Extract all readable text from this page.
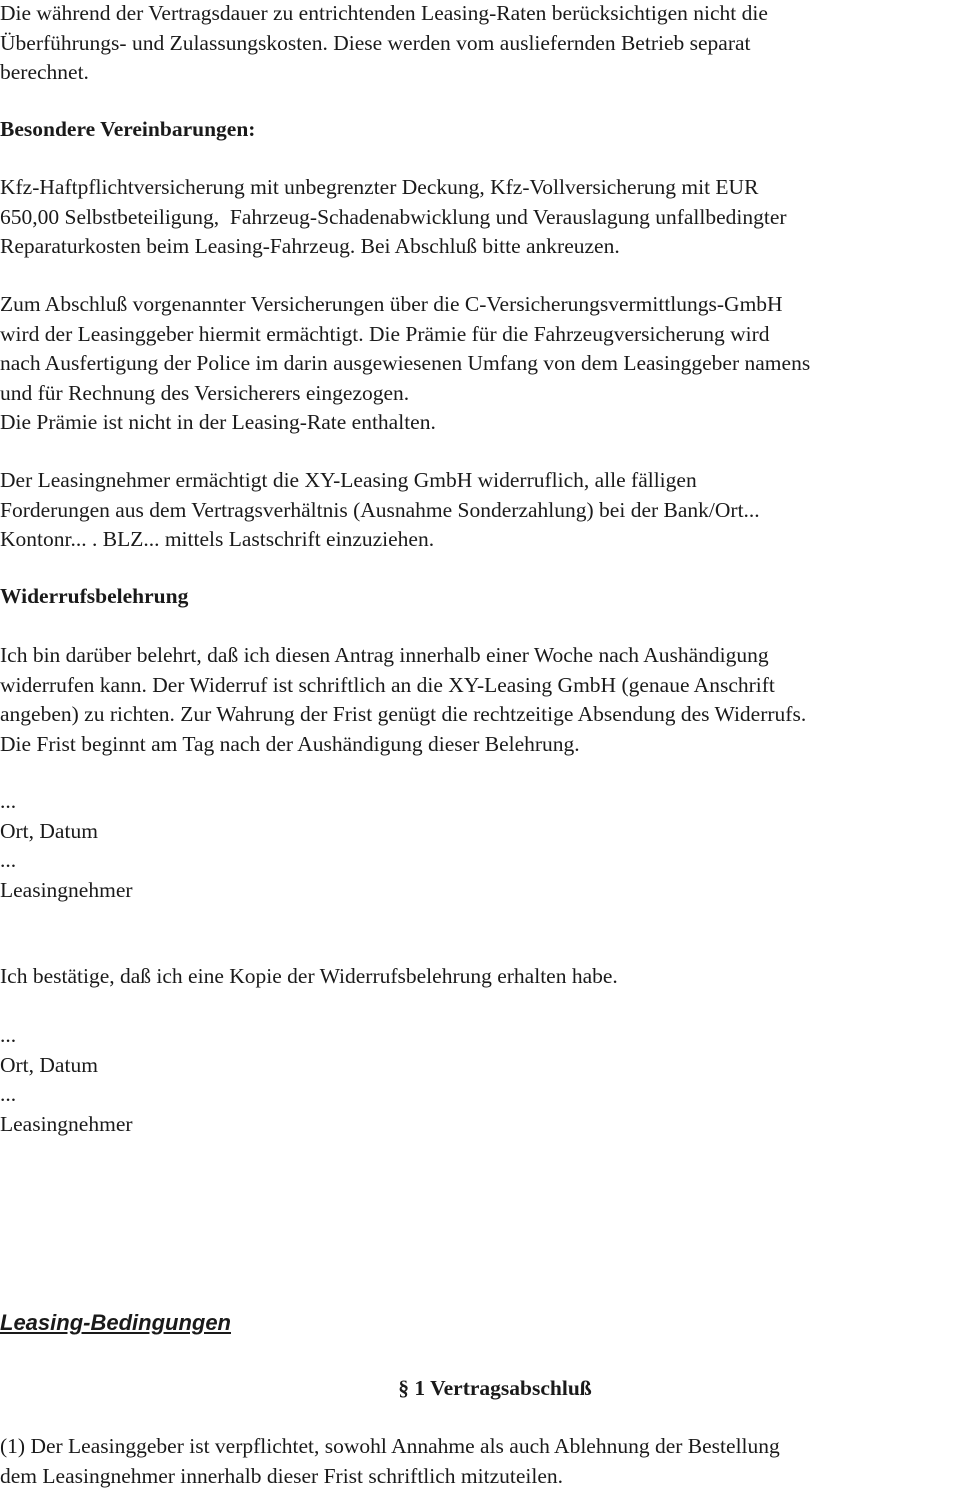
Die während der Vertragsdauer zu entrichtenden Leasing-Raten berücksichtigen nicht die
Überführungs- und Zulassungskosten. Diese werden vom ausliefernden Betrieb separat
berechnet.
Besondere Vereinbarungen:
Kfz-Haftpflichtversicherung mit unbegrenzter Deckung, Kfz-Vollversicherung mit EUR
650,00 Selbstbeteiligung,  Fahrzeug-Schadenabwicklung und Verauslagung unfallbedingter
Reparaturkosten beim Leasing-Fahrzeug. Bei Abschluß bitte ankreuzen.
Zum Abschluß vorgenannter Versicherungen über die C-Versicherungsvermittlungs-GmbH
wird der Leasinggeber hiermit ermächtigt. Die Prämie für die Fahrzeugversicherung wird
nach Ausfertigung der Police im darin ausgewiesenen Umfang von dem Leasinggeber namens
und für Rechnung des Versicherers eingezogen.
Die Prämie ist nicht in der Leasing-Rate enthalten.
Der Leasingnehmer ermächtigt die XY-Leasing GmbH widerruflich, alle fälligen
Forderungen aus dem Vertragsverhältnis (Ausnahme Sonderzahlung) bei der Bank/Ort...
Kontonr... . BLZ... mittels Lastschrift einzuziehen.
Widerrufsbelehrung
Ich bin darüber belehrt, daß ich diesen Antrag innerhalb einer Woche nach Aushändigung
widerrufen kann. Der Widerruf ist schriftlich an die XY-Leasing GmbH (genaue Anschrift
angeben) zu richten. Zur Wahrung der Frist genügt die rechtzeitige Absendung des Widerrufs.
Die Frist beginnt am Tag nach der Aushändigung dieser Belehrung.
...
Ort, Datum
...
Leasingnehmer
Ich bestätige, daß ich eine Kopie der Widerrufsbelehrung erhalten habe.
...
Ort, Datum
...
Leasingnehmer
Leasing-Bedingungen
§ 1 Vertragsabschluß
(1) Der Leasinggeber ist verpflichtet, sowohl Annahme als auch Ablehnung der Bestellung
dem Leasingnehmer innerhalb dieser Frist schriftlich mitzuteilen.
